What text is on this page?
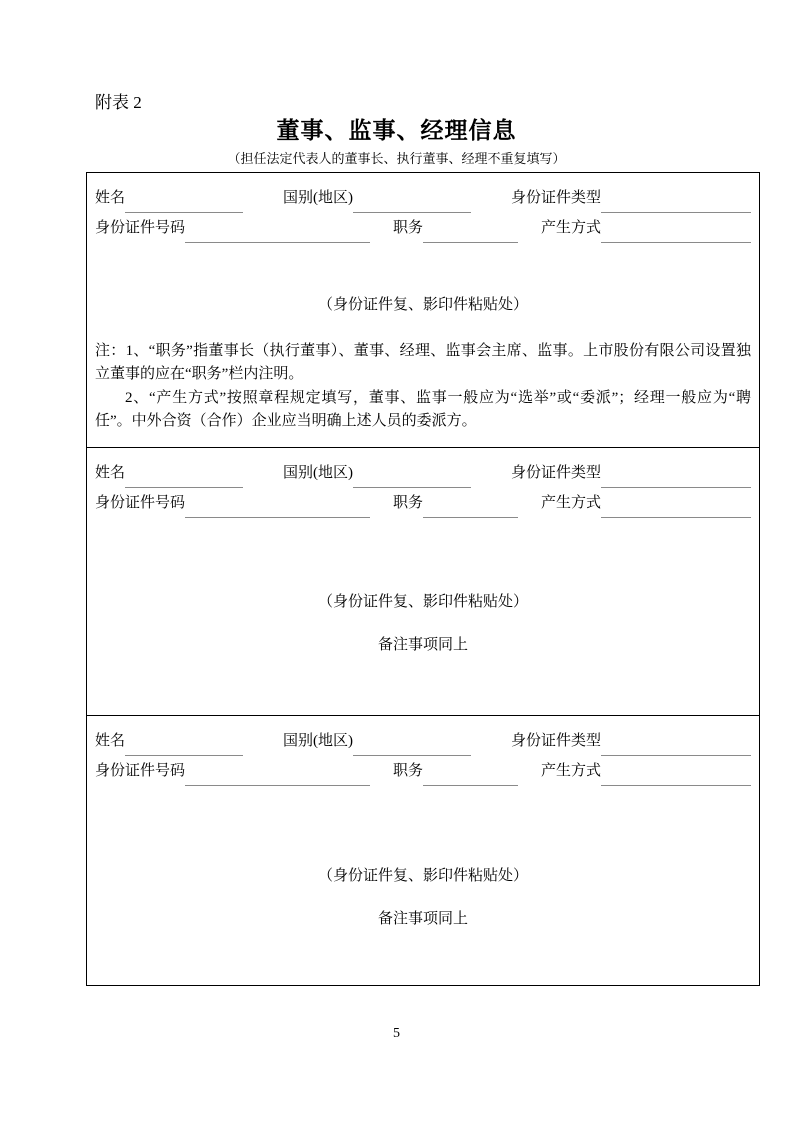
附表 2
董事、监事、经理信息
（担任法定代表人的董事长、执行董事、经理不重复填写）
姓名	国别(地区)	身份证件类型
身份证件号码	职务	产生方式
（身份证件复、影印件粘贴处）

注：1、“职务”指董事长（执行董事）、董事、经理、监事会主席、监事。上市股份有限公司设置独立董事的应在“职务”栏内注明。

2、“产生方式”按照章程规定填写，董事、监事一般应为“选举”或“委派”；经理一般应为“聘任”。中外合资（合作）企业应当明确上述人员的委派方。

姓名	国别(地区)	身份证件类型
身份证件号码	职务	产生方式
（身份证件复、影印件粘贴处）
备注事项同上
姓名	国别(地区)	身份证件类型
身份证件号码	职务	产生方式
（身份证件复、影印件粘贴处）
备注事项同上
5
